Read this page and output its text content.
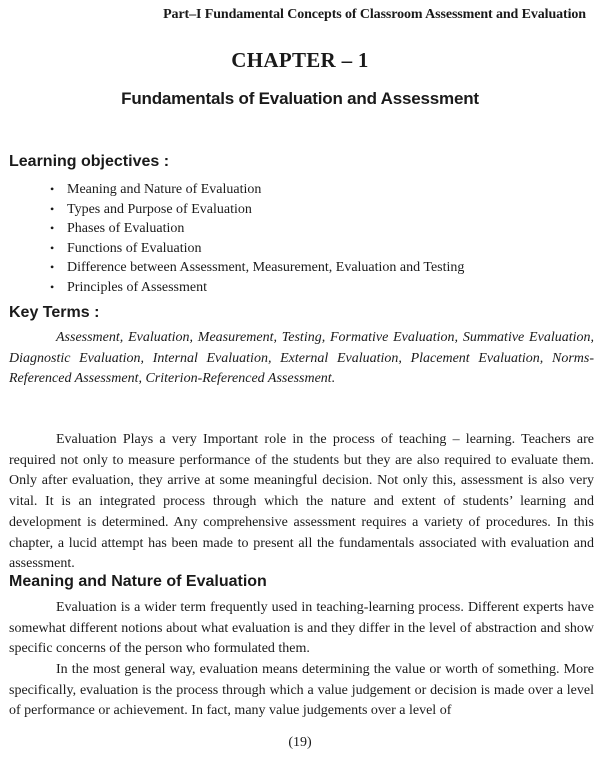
Part–I Fundamental Concepts of Classroom Assessment and Evaluation
CHAPTER – 1
Fundamentals of Evaluation and Assessment
Learning objectives :
• Meaning and Nature of Evaluation
• Types and Purpose of Evaluation
• Phases of Evaluation
• Functions of Evaluation
• Difference between Assessment, Measurement, Evaluation and Testing
• Principles of Assessment
Key Terms :

Assessment, Evaluation, Measurement, Testing, Formative Evaluation, Summative Evaluation, Diagnostic Evaluation, Internal Evaluation, External Evaluation, Placement Evaluation, Norms-Referenced Assessment, Criterion-Referenced Assessment.

Evaluation Plays a very Important role in the process of teaching – learning. Teachers are required not only to measure performance of the students but they are also required to evaluate them. Only after evaluation, they arrive at some meaningful decision. Not only this, assessment is also very vital. It is an integrated process through which the nature and extent of students’ learning and development is determined. Any comprehensive assessment requires a variety of procedures. In this chapter, a lucid attempt has been made to present all the fundamentals associated with evaluation and assessment.

Meaning and Nature of Evaluation

Evaluation is a wider term frequently used in teaching-learning process. Different experts have somewhat different notions about what evaluation is and they differ in the level of abstraction and show specific concerns of the person who formulated them.

In the most general way, evaluation means determining the value or worth of something. More specifically, evaluation is the process through which a value judgement or decision is made over a level of performance or achievement. In fact, many value judgements over a level of

(19)
